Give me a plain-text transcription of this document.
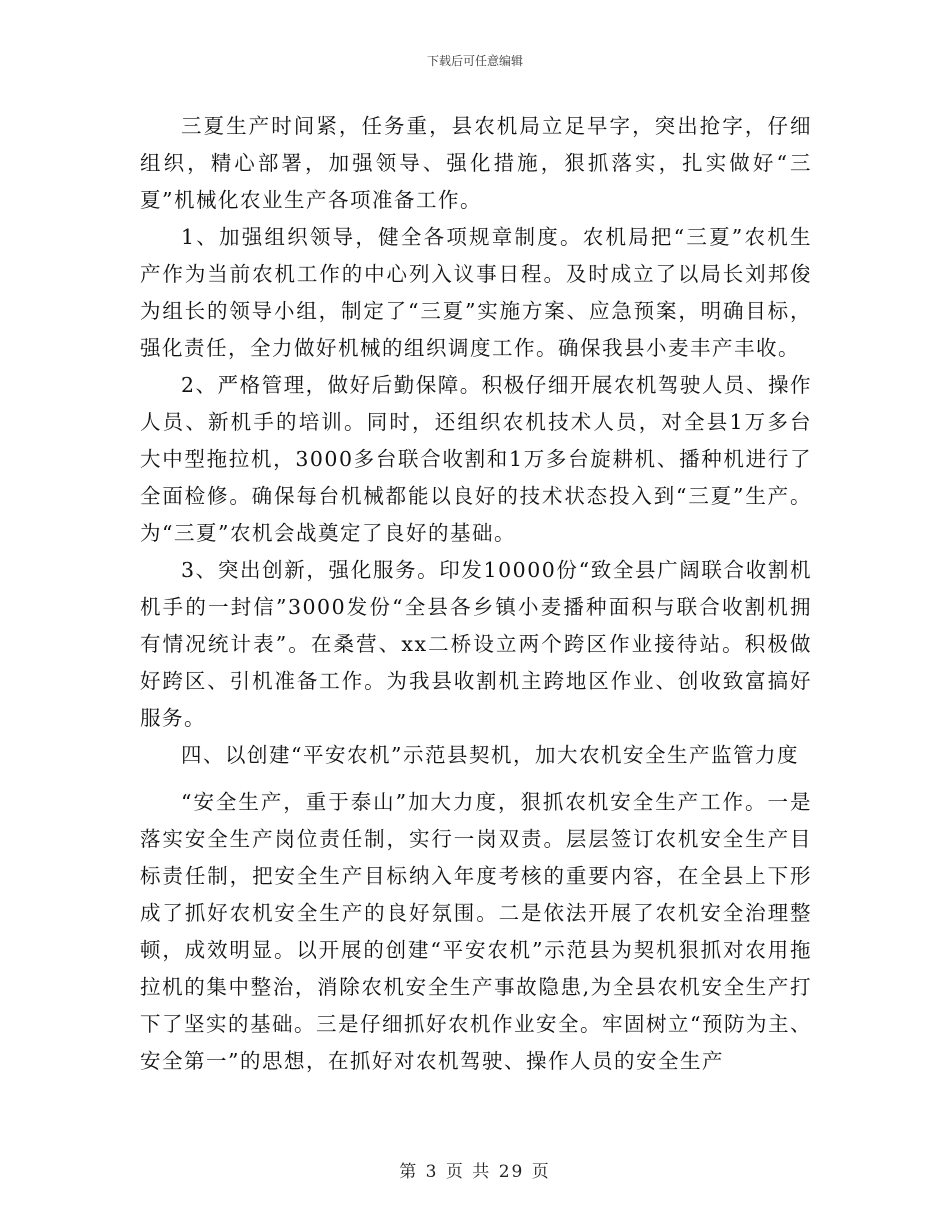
下载后可任意编辑

三夏生产时间紧，任务重，县农机局立足早字，突出抢字，仔细组织，精心部署，加强领导、强化措施，狠抓落实，扎实做好“三夏”机械化农业生产各项准备工作。

1、加强组织领导，健全各项规章制度。农机局把“三夏”农机生产作为当前农机工作的中心列入议事日程。及时成立了以局长刘邦俊为组长的领导小组，制定了“三夏”实施方案、应急预案，明确目标，强化责任，全力做好机械的组织调度工作。确保我县小麦丰产丰收。

2、严格管理，做好后勤保障。积极仔细开展农机驾驶人员、操作人员、新机手的培训。同时，还组织农机技术人员，对全县1万多台大中型拖拉机，3000多台联合收割和1万多台旋耕机、播种机进行了全面检修。确保每台机械都能以良好的技术状态投入到“三夏”生产。为“三夏”农机会战奠定了良好的基础。

3、突出创新，强化服务。印发10000份“致全县广阔联合收割机机手的一封信”3000发份“全县各乡镇小麦播种面积与联合收割机拥有情况统计表”。在桑营、xx二桥设立两个跨区作业接待站。积极做好跨区、引机准备工作。为我县收割机主跨地区作业、创收致富搞好服务。

四、以创建“平安农机”示范县契机，加大农机安全生产监管力度

“安全生产，重于泰山”加大力度，狠抓农机安全生产工作。一是落实安全生产岗位责任制，实行一岗双责。层层签订农机安全生产目标责任制，把安全生产目标纳入年度考核的重要内容，在全县上下形成了抓好农机安全生产的良好氛围。二是依法开展了农机安全治理整顿，成效明显。以开展的创建“平安农机”示范县为契机狠抓对农用拖拉机的集中整治，消除农机安全生产事故隐患,为全县农机安全生产打下了坚实的基础。三是仔细抓好农机作业安全。牢固树立“预防为主、安全第一”的思想，在抓好对农机驾驶、操作人员的安全生产

第 3 页 共 29 页
